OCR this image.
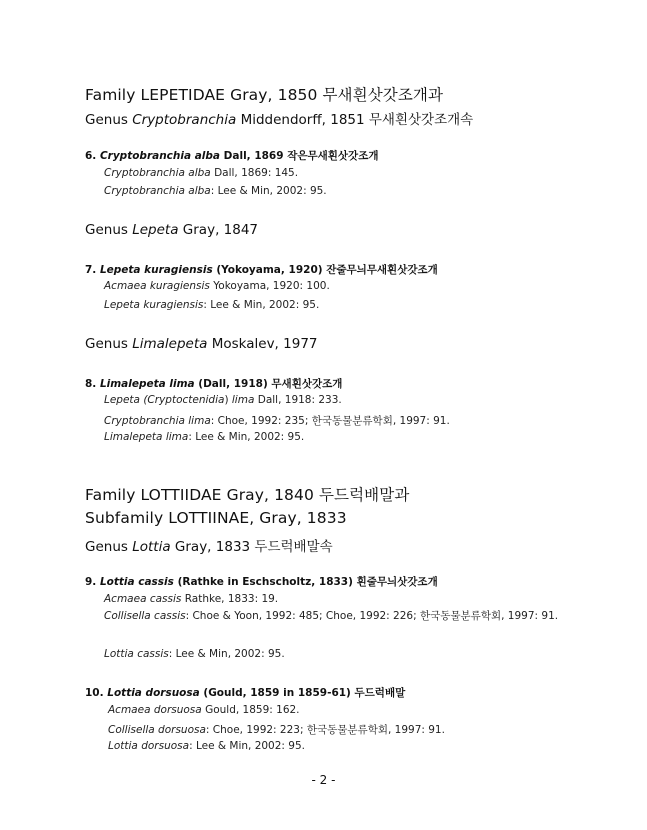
Family LEPETIDAE Gray, 1850 무새흰삿갓조개과
Genus Cryptobranchia Middendorff, 1851 무새흰삿갓조개속
6. Cryptobranchia alba Dall, 1869 작은무새흰삿갓조개
Cryptobranchia alba Dall, 1869: 145.
Cryptobranchia alba: Lee & Min, 2002: 95.
Genus Lepeta Gray, 1847
7. Lepeta kuragiensis (Yokoyama, 1920) 잔줄무늬무새흰삿갓조개
Acmaea kuragiensis Yokoyama, 1920: 100.
Lepeta kuragiensis: Lee & Min, 2002: 95.
Genus Limalepeta Moskalev, 1977
8. Limalepeta lima (Dall, 1918) 무새흰삿갓조개
Lepeta (Cryptoctenidia) lima Dall, 1918: 233.
Cryptobranchia lima: Choe, 1992: 235; 한국동물분류학회, 1997: 91.
Limalepeta lima: Lee & Min, 2002: 95.
Family LOTTIIDAE Gray, 1840 두드럭배말과
Subfamily LOTTIINAE, Gray, 1833
Genus Lottia Gray, 1833 두드럭배말속
9. Lottia cassis (Rathke in Eschscholtz, 1833) 흰줄무늬삿갓조개
Acmaea cassis Rathke, 1833: 19.
Collisella cassis: Choe & Yoon, 1992: 485; Choe, 1992: 226; 한국동물분류학회, 1997: 91.
Lottia cassis: Lee & Min, 2002: 95.
10. Lottia dorsuosa (Gould, 1859 in 1859-61) 두드럭배말
Acmaea dorsuosa Gould, 1859: 162.
Collisella dorsuosa: Choe, 1992: 223; 한국동물분류학회, 1997: 91.
Lottia dorsuosa: Lee & Min, 2002: 95.
- 2 -
